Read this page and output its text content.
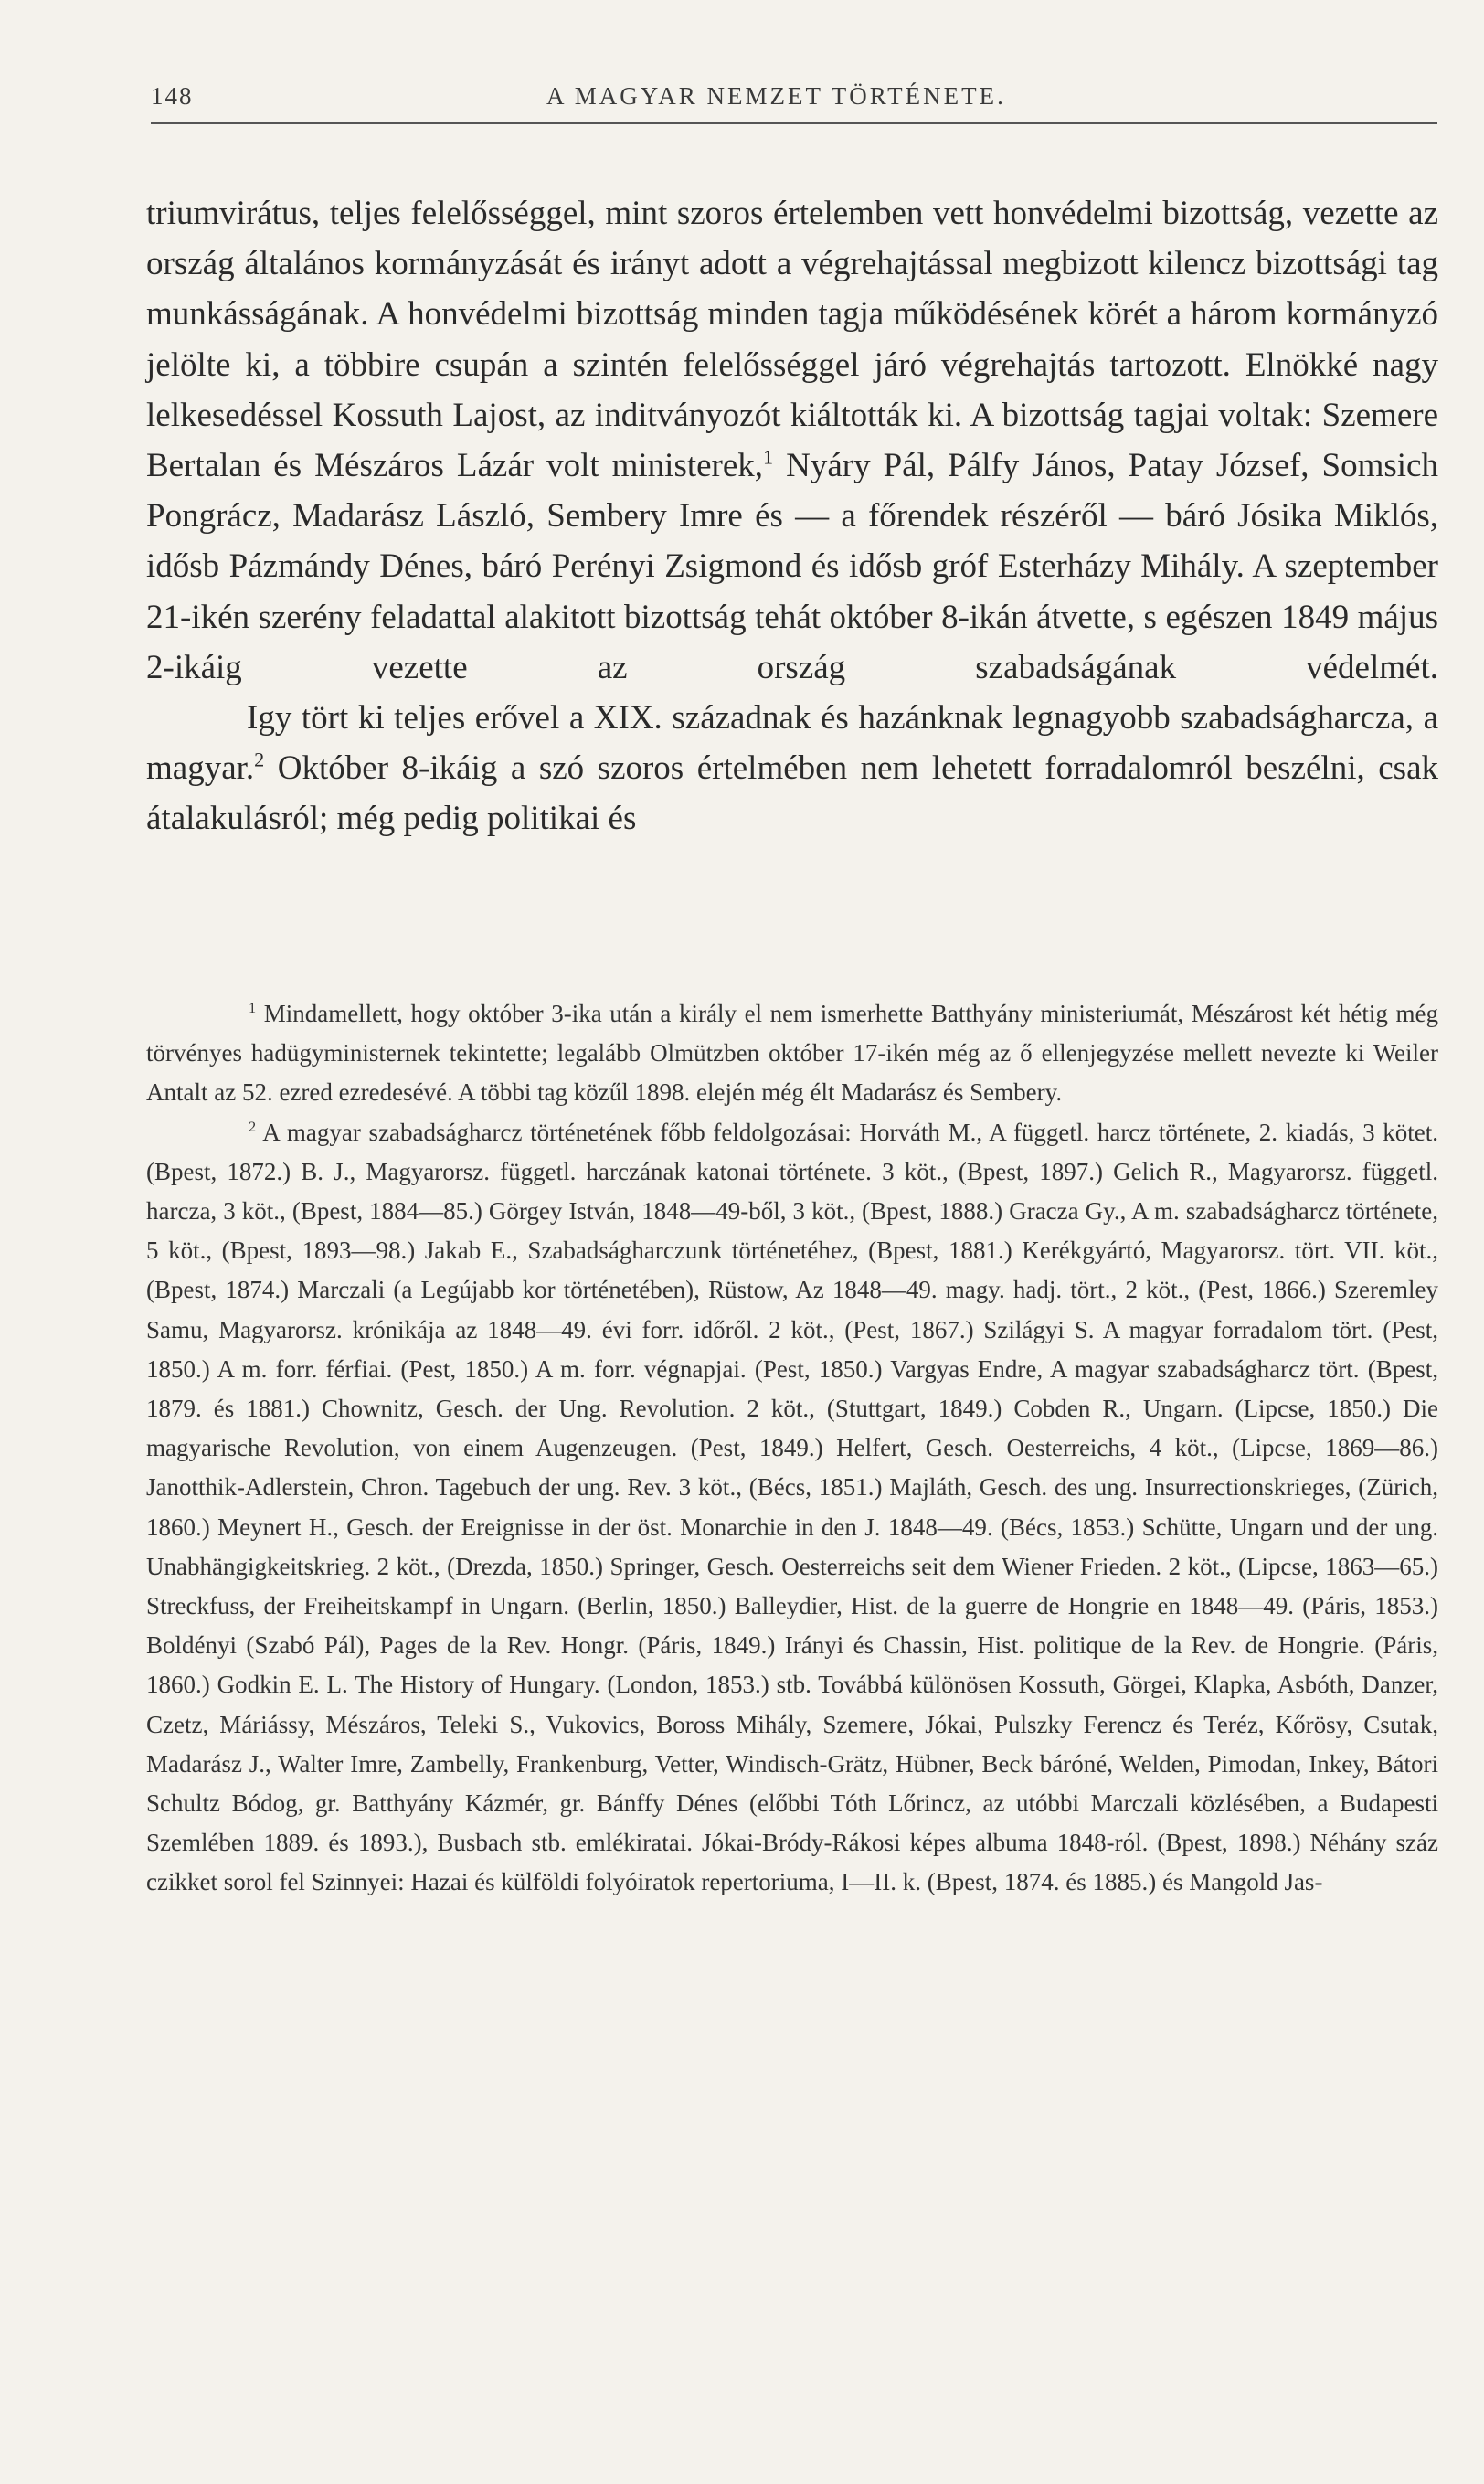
148	A MAGYAR NEMZET TÖRTÉNETE.

triumvirátus, teljes felelősséggel, mint szoros értelemben vett honvédelmi bizottság, vezette az ország általános kormányzását és irányt adott a végrehajtással megbizott kilencz bizottsági tag munkásságának. A honvédelmi bizottság minden tagja működésének körét a három kormányzó jelölte ki, a többire csupán a szintén felelősséggel járó végrehajtás tartozott. Elnökké nagy lelkesedéssel Kossuth Lajost, az inditványozót kiáltották ki. A bizottság tagjai voltak: Szemere Bertalan és Mészáros Lázár volt ministerek,$^1$ Nyáry Pál, Pálfy János, Patay József, Somsich Pongrácz, Madarász László, Sembery Imre és — a főrendek részéről — báró Jósika Miklós, idősb Pázmándy Dénes, báró Perényi Zsigmond és idősb gróf Esterházy Mihály. A szeptember 21-ikén szerény feladattal alakitott bizottság tehát október 8-ikán átvette, s egészen 1849 május 2-ikáig vezette az ország szabadságának védelmét.

Igy tört ki teljes erővel a XIX. századnak és hazánknak legnagyobb szabadságharcza, a magyar.$^2$ Október 8-ikáig a szó szoros értelmében nem lehetett forradalomról beszélni, csak átalakulásról; még pedig politikai és

$^1$ Mindamellett, hogy október 3-ika után a király el nem ismerhette Batthyány ministeriumát, Mészárost két hétig még törvényes hadügyministernek tekintette; legalább Olmützben október 17-ikén még az ő ellenjegyzése mellett nevezte ki Weiler Antalt az 52. ezred ezredesévé. A többi tag közűl 1898. elején még élt Madarász és Sembery.

$^2$ A magyar szabadságharcz történetének főbb feldolgozásai: Horváth M., A függetl. harcz története, 2. kiadás, 3 kötet. (Bpest, 1872.) B. J., Magyarorsz. függetl. harczának katonai története. 3 köt., (Bpest, 1897.) Gelich R., Magyarorsz. függetl. harcza, 3 köt., (Bpest, 1884—85.) Görgey István, 1848—49-ből, 3 köt., (Bpest, 1888.) Gracza Gy., A m. szabadságharcz története, 5 köt., (Bpest, 1893—98.) Jakab E., Szabadságharczunk történetéhez, (Bpest, 1881.) Kerékgyártó, Magyarorsz. tört. VII. köt., (Bpest, 1874.) Marczali (a Legújabb kor történetében), Rüstow, Az 1848—49. magy. hadj. tört., 2 köt., (Pest, 1866.) Szeremley Samu, Magyarorsz. krónikája az 1848—49. évi forr. időről. 2 köt., (Pest, 1867.) Szilágyi S. A magyar forradalom tört. (Pest, 1850.) A m. forr. férfiai. (Pest, 1850.) A m. forr. végnapjai. (Pest, 1850.) Vargyas Endre, A magyar szabadságharcz tört. (Bpest, 1879. és 1881.) Chownitz, Gesch. der Ung. Revolution. 2 köt., (Stuttgart, 1849.) Cobden R., Ungarn. (Lipcse, 1850.) Die magyarische Revolution, von einem Augenzeugen. (Pest, 1849.) Helfert, Gesch. Oesterreichs, 4 köt., (Lipcse, 1869—86.) Janotthik-Adlerstein, Chron. Tagebuch der ung. Rev. 3 köt., (Bécs, 1851.) Majláth, Gesch. des ung. Insurrectionskrieges, (Zürich, 1860.) Meynert H., Gesch. der Ereignisse in der öst. Monarchie in den J. 1848—49. (Bécs, 1853.) Schütte, Ungarn und der ung. Unabhängigkeitskrieg. 2 köt., (Drezda, 1850.) Springer, Gesch. Oesterreichs seit dem Wiener Frieden. 2 köt., (Lipcse, 1863—65.) Streckfuss, der Freiheitskampf in Ungarn. (Berlin, 1850.) Balleydier, Hist. de la guerre de Hongrie en 1848—49. (Páris, 1853.) Boldényi (Szabó Pál), Pages de la Rev. Hongr. (Páris, 1849.) Irányi és Chassin, Hist. politique de la Rev. de Hongrie. (Páris, 1860.) Godkin E. L. The History of Hungary. (London, 1853.) stb. Továbbá különösen Kossuth, Görgei, Klapka, Asbóth, Danzer, Czetz, Máriássy, Mészáros, Teleki S., Vukovics, Boross Mihály, Szemere, Jókai, Pulszky Ferencz és Teréz, Kőrösy, Csutak, Madarász J., Walter Imre, Zambelly, Frankenburg, Vetter, Windisch-Grätz, Hübner, Beck báróné, Welden, Pimodan, Inkey, Bátori Schultz Bódog, gr. Batthyány Kázmér, gr. Bánffy Dénes (előbbi Tóth Lőrincz, az utóbbi Marczali közlésében, a Budapesti Szemlében 1889. és 1893.), Busbach stb. emlékiratai. Jókai-Bródy-Rákosi képes albuma 1848-ról. (Bpest, 1898.) Néhány száz czikket sorol fel Szinnyei: Hazai és külföldi folyóiratok repertoriuma, I—II. k. (Bpest, 1874. és 1885.) és Mangold Jas-
